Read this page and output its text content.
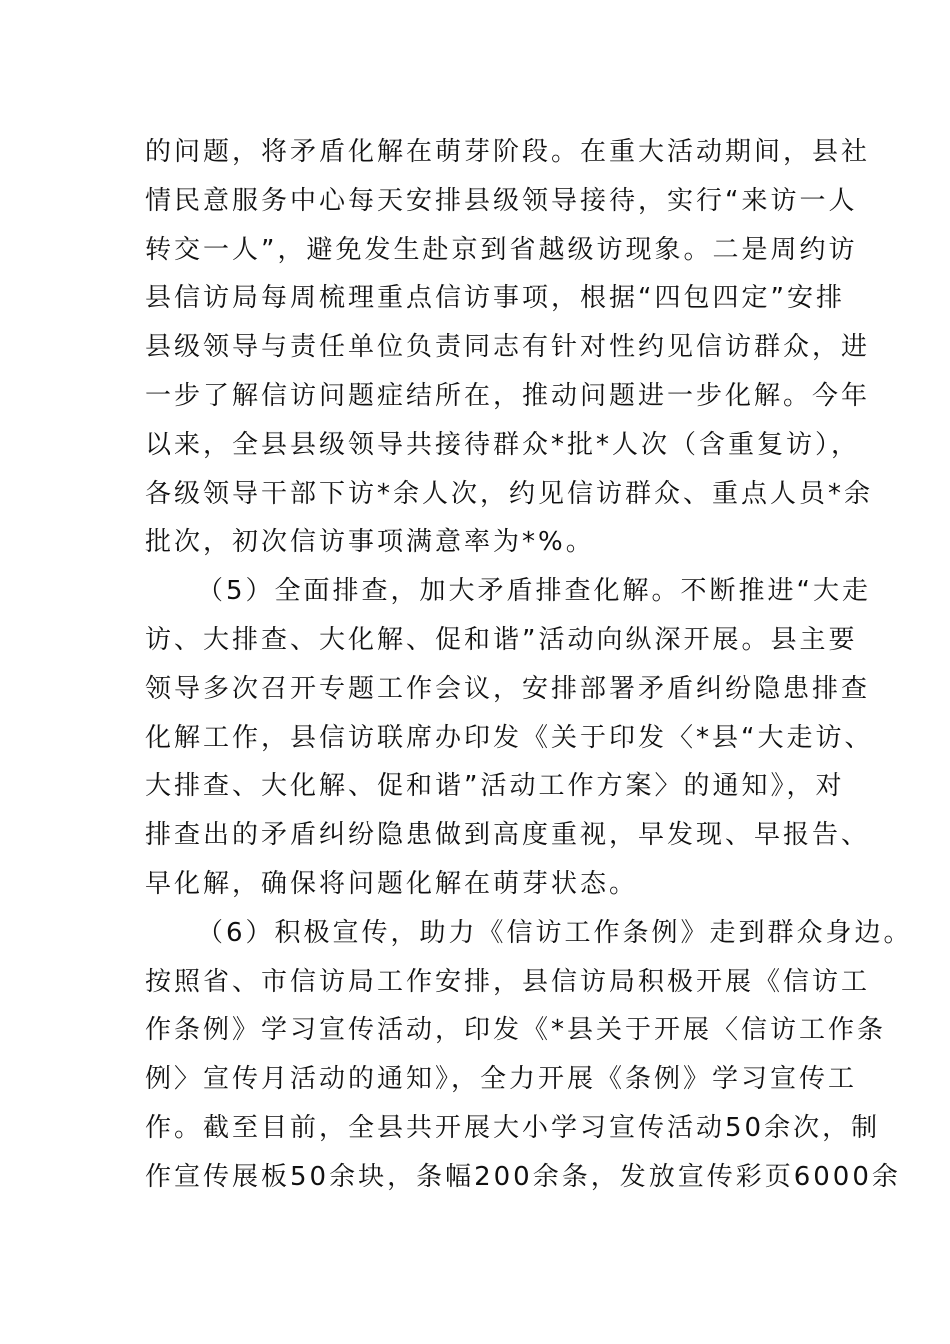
的问题，将矛盾化解在萌芽阶段。在重大活动期间，县社
情民意服务中心每天安排县级领导接待，实行“来访一人
转交一人”，避免发生赴京到省越级访现象。二是周约访
县信访局每周梳理重点信访事项，根据“四包四定”安排
县级领导与责任单位负责同志有针对性约见信访群众，进
一步了解信访问题症结所在，推动问题进一步化解。今年
以来，全县县级领导共接待群众*批*人次（含重复访），
各级领导干部下访*余人次，约见信访群众、重点人员*余
批次，初次信访事项满意率为*%。
（5）全面排查，加大矛盾排查化解。不断推进“大走
访、大排查、大化解、促和谐”活动向纵深开展。县主要
领导多次召开专题工作会议，安排部署矛盾纠纷隐患排查
化解工作，县信访联席办印发《关于印发〈*县“大走访、
大排查、大化解、促和谐”活动工作方案〉的通知》，对
排查出的矛盾纠纷隐患做到高度重视，早发现、早报告、
早化解，确保将问题化解在萌芽状态。
（6）积极宣传，助力《信访工作条例》走到群众身边。
按照省、市信访局工作安排，县信访局积极开展《信访工
作条例》学习宣传活动，印发《*县关于开展〈信访工作条
例〉宣传月活动的通知》，全力开展《条例》学习宣传工
作。截至目前，全县共开展大小学习宣传活动50余次，制
作宣传展板50余块，条幅200余条，发放宣传彩页6000余
